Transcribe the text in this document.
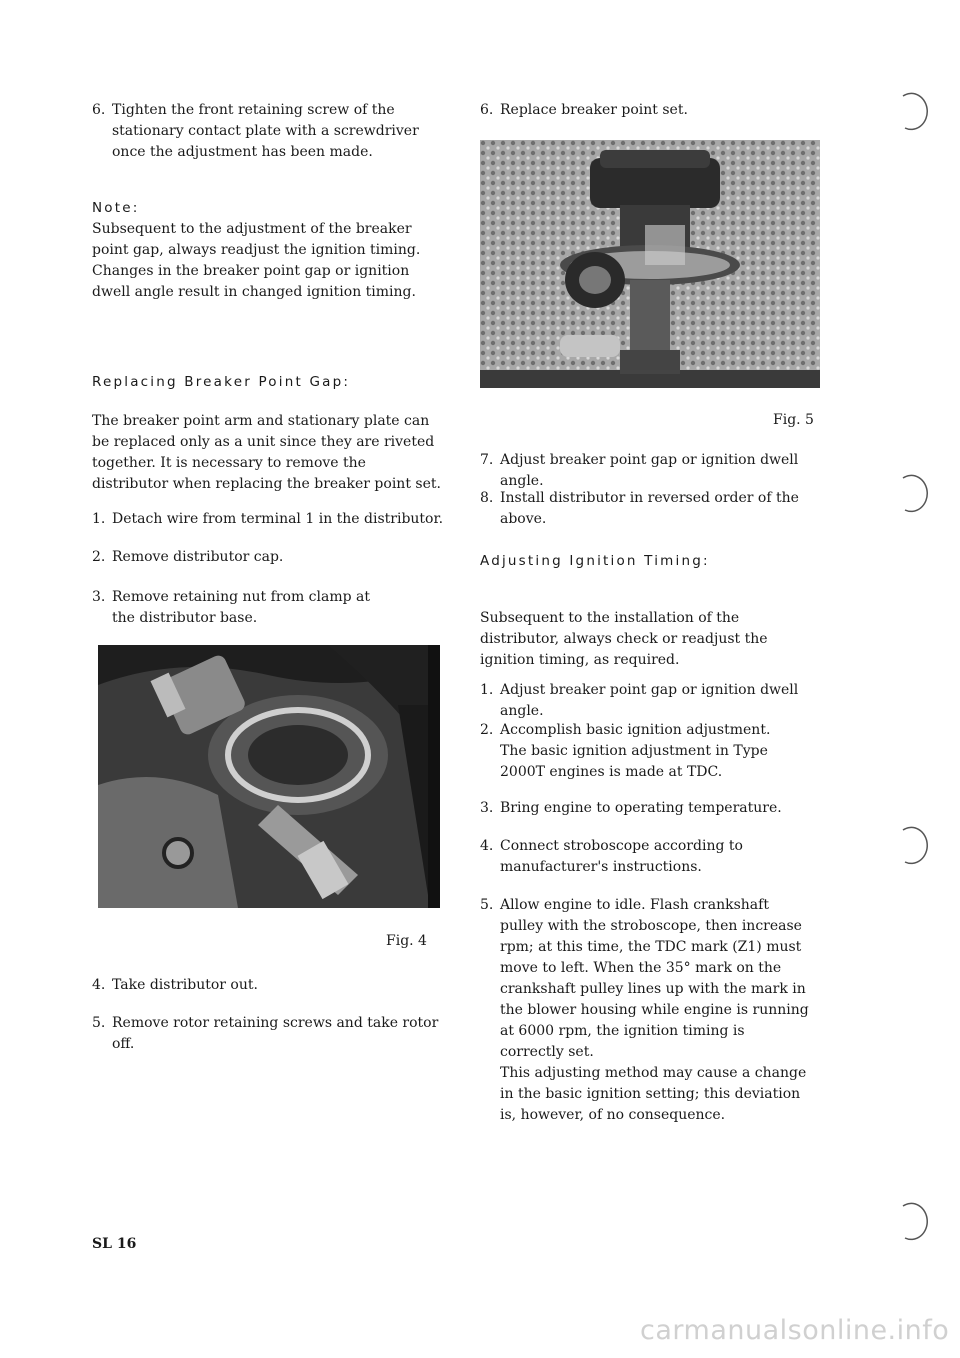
6. Tighten the front retaining screw of the stationary contact plate with a screwdriver once the adjustment has been made.
Note:
Subsequent to the adjustment of the breaker point gap, always readjust the ignition timing. Changes in the breaker point gap or ignition dwell angle result in changed ignition timing.
Replacing Breaker Point Gap:
The breaker point arm and stationary plate can be replaced only as a unit since they are riveted together. It is necessary to remove the distributor when replacing the breaker point set.
1. Detach wire from terminal 1 in the distributor.
2. Remove distributor cap.
3. Remove retaining nut from clamp at the distributor base.
Fig. 4
4. Take distributor out.
5. Remove rotor retaining screws and take rotor off.
SL 16
6. Replace breaker point set.
Fig. 5
7. Adjust breaker point gap or ignition dwell angle.
8. Install distributor in reversed order of the above.
Adjusting Ignition Timing:
Subsequent to the installation of the distributor, always check or readjust the ignition timing, as required.
1. Adjust breaker point gap or ignition dwell angle.
2. Accomplish basic ignition adjustment.
The basic ignition adjustment in Type 2000T engines is made at TDC.
3. Bring engine to operating temperature.
4. Connect stroboscope according to manufacturer's instructions.
5. Allow engine to idle. Flash crankshaft pulley with the stroboscope, then increase rpm; at this time, the TDC mark (Z1) must move to left. When the 35° mark on the crankshaft pulley lines up with the mark in the blower housing while engine is running at 6000 rpm, the ignition timing is correctly set.
This adjusting method may cause a change in the basic ignition setting; this deviation is, however, of no consequence.
carmanualsonline.info
